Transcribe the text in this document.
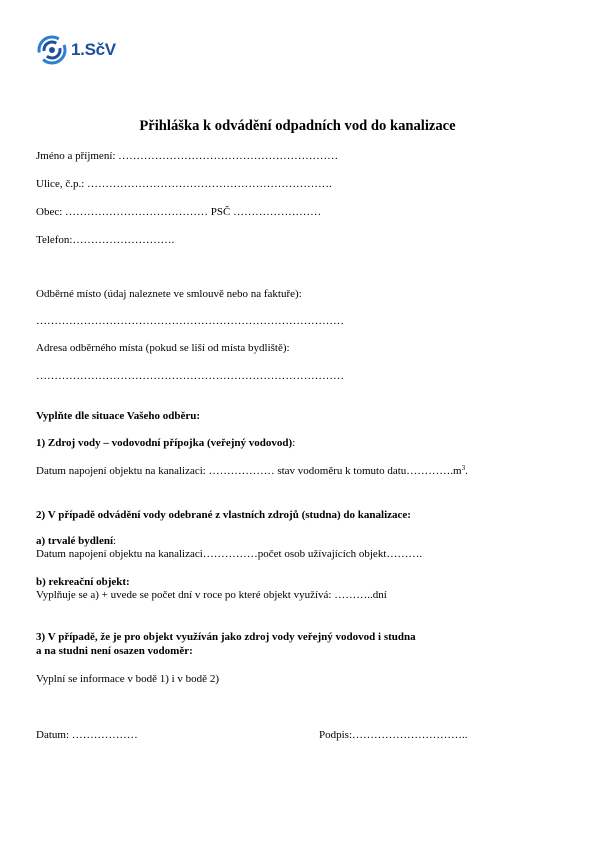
1.SčV
Přihláška k odvádění odpadních vod do kanalizace
Jméno a příjmení: ……………………………………………………
Ulice, č.p.: ………………………………………………………….
Obec: ………………………………… PSČ ……………………
Telefon:……………………….
Odběrné místo (údaj naleznete ve smlouvě nebo na faktuře):
…………………………………………………………………………
Adresa odběrného místa (pokud se liší od místa bydliště):
…………………………………………………………………………
Vyplňte dle situace Vašeho odběru:
1) Zdroj vody – vodovodní přípojka (veřejný vodovod):
Datum napojení objektu na kanalizaci: ……………… stav vodoměru k tomuto $datu\dots\dots\dots\dots.m^3$.
2) V případě odvádění vody odebrané z vlastních zdrojů (studna) do kanalizace:
a) trvalé bydlení:
Datum napojení objektu na kanalizaci……………počet osob užívajících objekt……….
b) rekreační objekt:
Vyplňuje se a) + uvede se počet dní v roce po které objekt využívá: ………..dní
3) V případě, že je pro objekt využíván jako zdroj vody veřejný vodovod i studna
a na studni není osazen vodoměr:
Vyplní se informace v bodě 1) i v bodě 2)
Datum: ………………	Podpis:…………………………..
